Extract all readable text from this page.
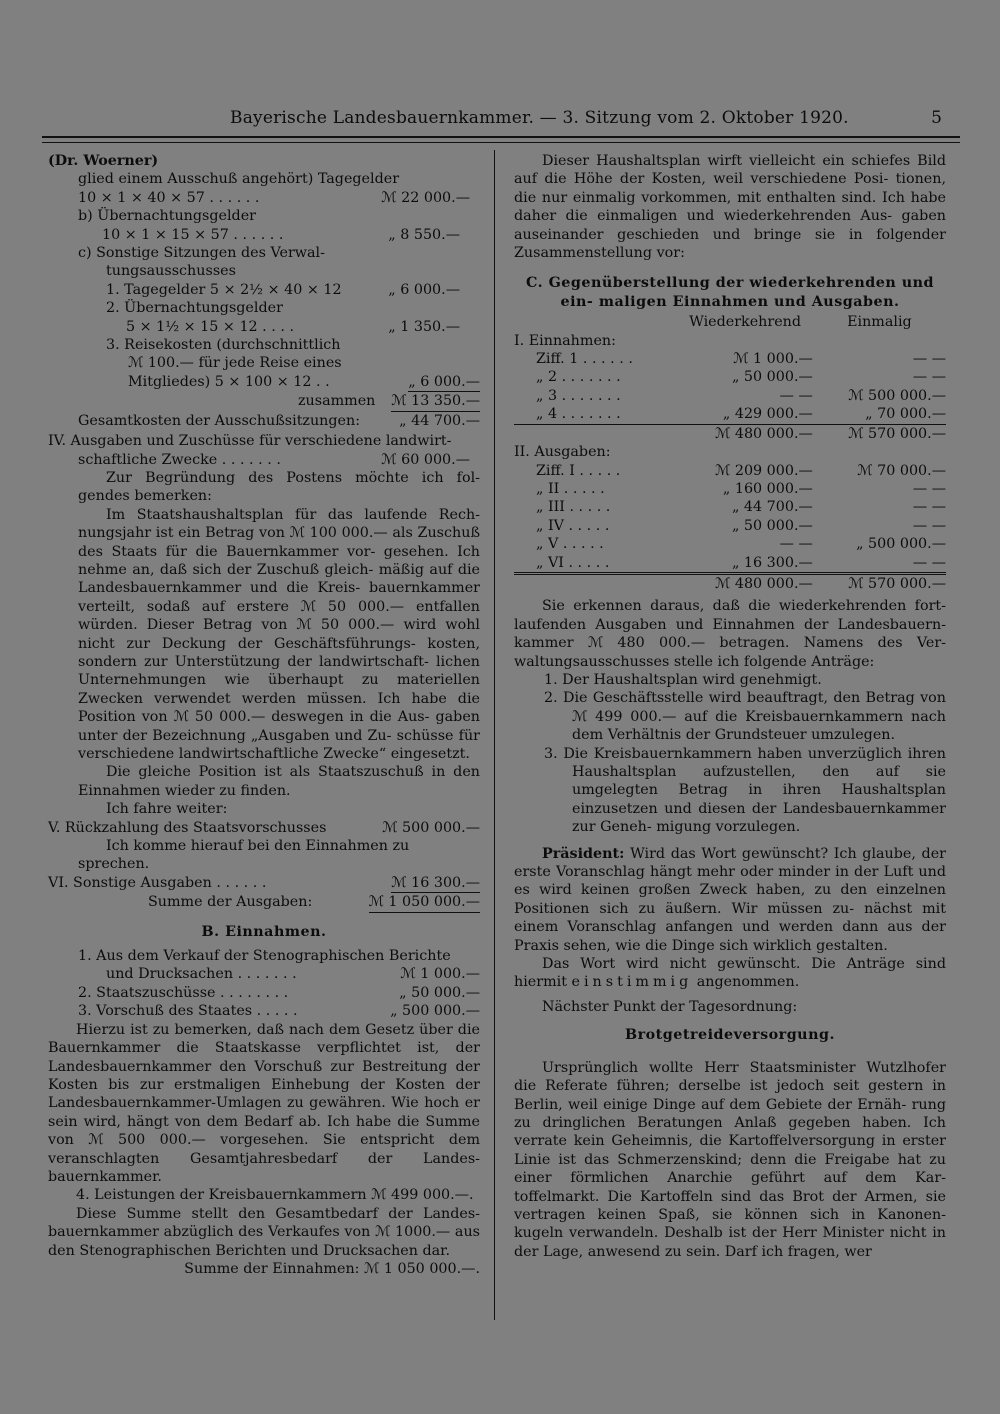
Bayerische Landesbauernkammer. — 3. Sitzung vom 2. Oktober 1920.	5

(Dr. Woerner)

glied einem Ausschuß angehört) Tagegelder

10 × 1 × 40 × 57 . . . . . .	ℳ 22 000.—

b) Übernachtungsgelder

10 × 1 × 15 × 57 . . . . . .	„ 8 550.—

c) Sonstige Sitzungen des Verwal-

tungsausschusses

1. Tagegelder 5 × 2½ × 40 × 12	„ 6 000.—

2. Übernachtungsgelder

5 × 1½ × 15 × 12 . . . .	„ 1 350.—

3. Reisekosten (durchschnittlich

ℳ 100.— für jede Reise eines

Mitgliedes) 5 × 100 × 12 . .	„ 6 000.—
zusammen ℳ 13 350.—
Gesamtkosten der Ausschußsitzungen:	„ 44 700.—

IV. Ausgaben und Zuschüsse für verschiedene landwirt-

schaftliche Zwecke . . . . . . .	ℳ 60 000.—

Zur Begründung des Postens möchte ich fol- gendes bemerken:

Im Staatshaushaltsplan für das laufende Rech- nungsjahr ist ein Betrag von ℳ 100 000.— als Zuschuß des Staats für die Bauernkammer vor- gesehen. Ich nehme an, daß sich der Zuschuß gleich- mäßig auf die Landesbauernkammer und die Kreis- bauernkammer verteilt, sodaß auf erstere ℳ 50 000.— entfallen würden. Dieser Betrag von ℳ 50 000.— wird wohl nicht zur Deckung der Geschäftsführungs- kosten, sondern zur Unterstützung der landwirtschaft- lichen Unternehmungen wie überhaupt zu materiellen Zwecken verwendet werden müssen. Ich habe die Position von ℳ 50 000.— deswegen in die Aus- gaben unter der Bezeichnung „Ausgaben und Zu- schüsse für verschiedene landwirtschaftliche Zwecke“ eingesetzt.

Die gleiche Position ist als Staatszuschuß in den Einnahmen wieder zu finden.

Ich fahre weiter:

V. Rückzahlung des Staatsvorschusses	ℳ 500 000.—

Ich komme hierauf bei den Einnahmen zu sprechen.

VI. Sonstige Ausgaben . . . . . .	ℳ 16 300.—
Summe der Ausgaben:	ℳ 1 050 000.—

B. Einnahmen.

1. Aus dem Verkauf der Stenographischen Berichte

und Drucksachen . . . . . . .	ℳ 1 000.—
2. Staatszuschüsse . . . . . . . .	„ 50 000.—
3. Vorschuß des Staates . . . . .	„ 500 000.—

Hierzu ist zu bemerken, daß nach dem Gesetz über die Bauernkammer die Staatskasse verpflichtet ist, der Landesbauernkammer den Vorschuß zur Bestreitung der Kosten bis zur erstmaligen Einhebung der Kosten der Landesbauernkammer-Umlagen zu gewähren. Wie hoch er sein wird, hängt von dem Bedarf ab. Ich habe die Summe von ℳ 500 000.— vorgesehen. Sie entspricht dem veranschlagten Gesamtjahresbedarf der Landes- bauernkammer.

4. Leistungen der Kreisbauernkammern ℳ 499 000.—.

Diese Summe stellt den Gesamtbedarf der Landes- bauernkammer abzüglich des Verkaufes von ℳ 1000.— aus den Stenographischen Berichten und Drucksachen dar.

Summe der Einnahmen: ℳ 1 050 000.—.

Dieser Haushaltsplan wirft vielleicht ein schiefes Bild auf die Höhe der Kosten, weil verschiedene Posi- tionen, die nur einmalig vorkommen, mit enthalten sind. Ich habe daher die einmaligen und wiederkehrenden Aus- gaben auseinander geschieden und bringe sie in folgender Zusammenstellung vor:

C. Gegenüberstellung der wiederkehrenden und ein- maligen Einnahmen und Ausgaben.

	Wiederkehrend	Einmalig
I. Einnahmen:		
Ziff. 1 . . . . . .	ℳ 1 000.—	— —
„ 2 . . . . . . .	„ 50 000.—	— —
„ 3 . . . . . . .	— —	ℳ 500 000.—
„ 4 . . . . . . .	„ 429 000.—	„ 70 000.—
	ℳ 480 000.—	ℳ 570 000.—
II. Ausgaben:		
Ziff. I . . . . .	ℳ 209 000.—	ℳ 70 000.—
„ II . . . . .	„ 160 000.—	— —
„ III . . . . .	„ 44 700.—	— —
„ IV . . . . .	„ 50 000.—	— —
„ V . . . . .	— —	„ 500 000.—
„ VI . . . . .	„ 16 300.—	— —
	ℳ 480 000.—	ℳ 570 000.—

Sie erkennen daraus, daß die wiederkehrenden fort- laufenden Ausgaben und Einnahmen der Landesbauern- kammer ℳ 480 000.— betragen. Namens des Ver- waltungsausschusses stelle ich folgende Anträge:

1. Der Haushaltsplan wird genehmigt.

2. Die Geschäftsstelle wird beauftragt, den Betrag von ℳ 499 000.— auf die Kreisbauernkammern nach dem Verhältnis der Grundsteuer umzulegen.

3. Die Kreisbauernkammern haben unverzüglich ihren Haushaltsplan aufzustellen, den auf sie umgelegten Betrag in ihren Haushaltsplan einzusetzen und diesen der Landesbauernkammer zur Geneh- migung vorzulegen.

Präsident: Wird das Wort gewünscht? Ich glaube, der erste Voranschlag hängt mehr oder minder in der Luft und es wird keinen großen Zweck haben, zu den einzelnen Positionen sich zu äußern. Wir müssen zu- nächst mit einem Voranschlag anfangen und werden dann aus der Praxis sehen, wie die Dinge sich wirklich gestalten.

Das Wort wird nicht gewünscht. Die Anträge sind hiermit einstimmig angenommen.

Nächster Punkt der Tagesordnung:

Brotgetreideversorgung.

Ursprünglich wollte Herr Staatsminister Wutzlhofer die Referate führen; derselbe ist jedoch seit gestern in Berlin, weil einige Dinge auf dem Gebiete der Ernäh- rung zu dringlichen Beratungen Anlaß gegeben haben. Ich verrate kein Geheimnis, die Kartoffelversorgung in erster Linie ist das Schmerzenskind; denn die Freigabe hat zu einer förmlichen Anarchie geführt auf dem Kar- toffelmarkt. Die Kartoffeln sind das Brot der Armen, sie vertragen keinen Spaß, sie können sich in Kanonen- kugeln verwandeln. Deshalb ist der Herr Minister nicht in der Lage, anwesend zu sein. Darf ich fragen, wer
